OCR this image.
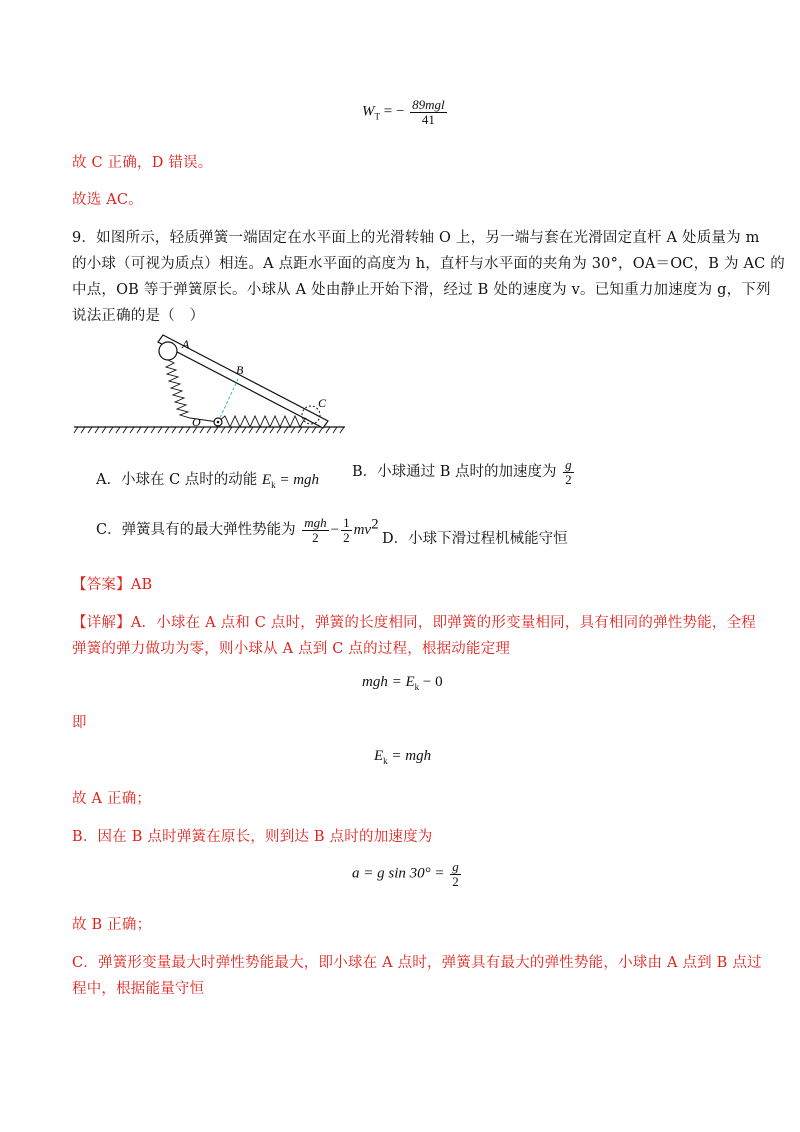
$W_T$ = − $\frac{\text{89mgl}}{41}$
故 C 正确，D 错误。
故选 AC。
9．如图所示，轻质弹簧一端固定在水平面上的光滑转轴 O 上，另一端与套在光滑固定直杆 A 处质量为 m
的小球（可视为质点）相连。A 点距水平面的高度为 h，直杆与水平面的夹角为 30°，OA＝OC，B 为 AC 的
中点，OB 等于弹簧原长。小球从 A 处由静止开始下滑，经过 B 处的速度为 v。已知重力加速度为 g，下列
说法正确的是（　）
A
B
C
O
A．小球在 C 点时的动能 $E_k$ = mgh B．小球通过 B 点时的加速度为 $\frac{g}{2}$
C．弹簧具有的最大弹性势能为 $\frac{\text{mgh}}{2} - \frac{1}{2} mv^2$
D．小球下滑过程机械能守恒
【答案】AB
【详解】A．小球在 A 点和 C 点时，弹簧的长度相同，即弹簧的形变量相同，具有相同的弹性势能，全程
弹簧的弹力做功为零，则小球从 A 点到 C 点的过程，根据动能定理
mgh = $E_k - 0$
即
$E_k$ = mgh
故 A 正确；
B．因在 B 点时弹簧在原长，则到达 B 点时的加速度为
a = g $\sin 30^\circ = \frac{g}{2}$
故 B 正确；
C．弹簧形变量最大时弹性势能最大，即小球在 A 点时，弹簧具有最大的弹性势能，小球由 A 点到 B 点过
程中，根据能量守恒
